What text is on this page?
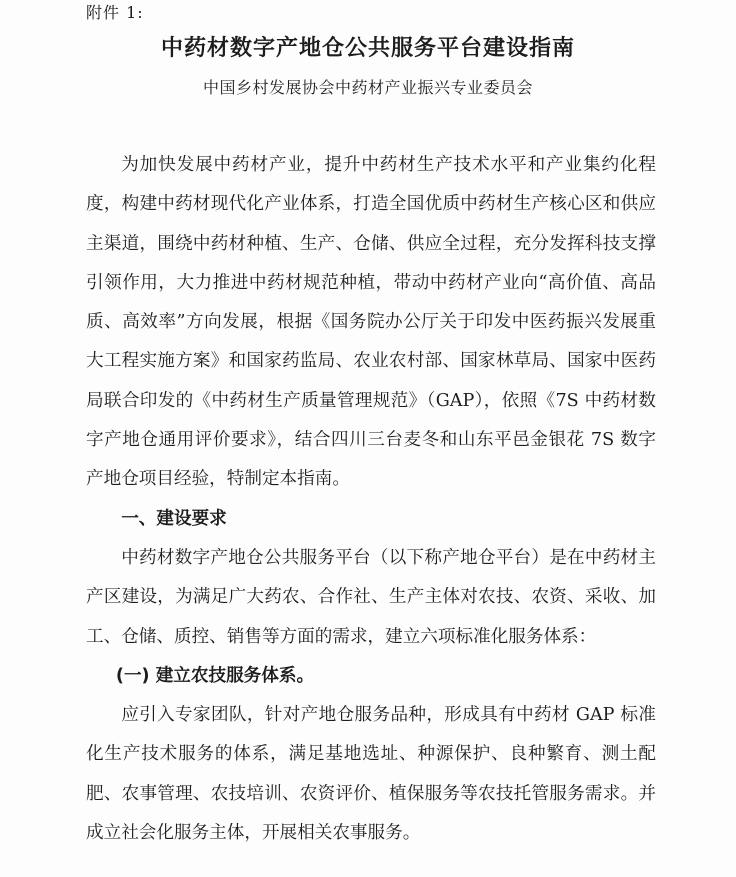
附件 1:
中药材数字产地仓公共服务平台建设指南
中国乡村发展协会中药材产业振兴专业委员会

为加快发展中药材产业，提升中药材生产技术水平和产业集约化程度，构建中药材现代化产业体系，打造全国优质中药材生产核心区和供应主渠道，围绕中药材种植、生产、仓储、供应全过程，充分发挥科技支撑引领作用，大力推进中药材规范种植，带动中药材产业向“高价值、高品质、高效率”方向发展，根据《国务院办公厅关于印发中医药振兴发展重大工程实施方案》和国家药监局、农业农村部、国家林草局、国家中医药局联合印发的《中药材生产质量管理规范》（GAP），依照《7S 中药材数字产地仓通用评价要求》，结合四川三台麦冬和山东平邑金银花 7S 数字产地仓项目经验，特制定本指南。

一、建设要求

中药材数字产地仓公共服务平台（以下称产地仓平台）是在中药材主产区建设，为满足广大药农、合作社、生产主体对农技、农资、采收、加工、仓储、质控、销售等方面的需求，建立六项标准化服务体系：

(一) 建立农技服务体系。

应引入专家团队，针对产地仓服务品种，形成具有中药材 GAP 标准化生产技术服务的体系，满足基地选址、种源保护、良种繁育、测土配肥、农事管理、农技培训、农资评价、植保服务等农技托管服务需求。并成立社会化服务主体，开展相关农事服务。
